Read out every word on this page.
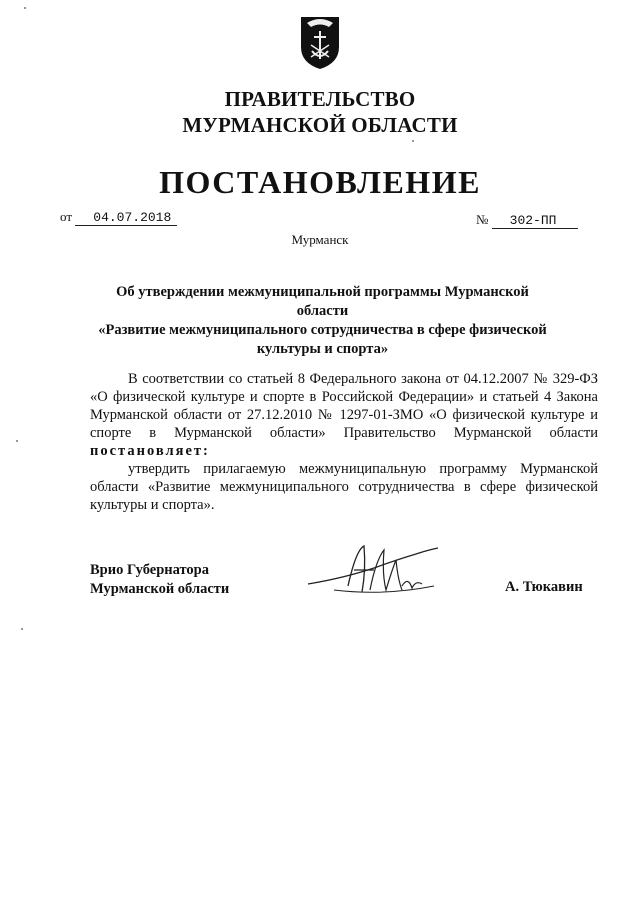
ПРАВИТЕЛЬСТВО
МУРМАНСКОЙ ОБЛАСТИ
ПОСТАНОВЛЕНИЕ
от 04.07.2018	№ 302-ПП
Мурманск
Об утверждении межмуниципальной программы Мурманской области
«Развитие межмуниципального сотрудничества в сфере физической
культуры и спорта»
В соответствии со статьей 8 Федерального закона от 04.12.2007 № 329-ФЗ «О физической культуре и спорте в Российской Федерации» и статьей 4 Закона Мурманской области от 27.12.2010 № 1297-01-ЗМО «О физической культуре и спорте в Мурманской области» Правительство Мурманской области постановляет:
утвердить прилагаемую межмуниципальную программу Мурманской области «Развитие межмуниципального сотрудничества в сфере физической культуры и спорта».
Врио Губернатора
Мурманской области	А. Тюкавин
